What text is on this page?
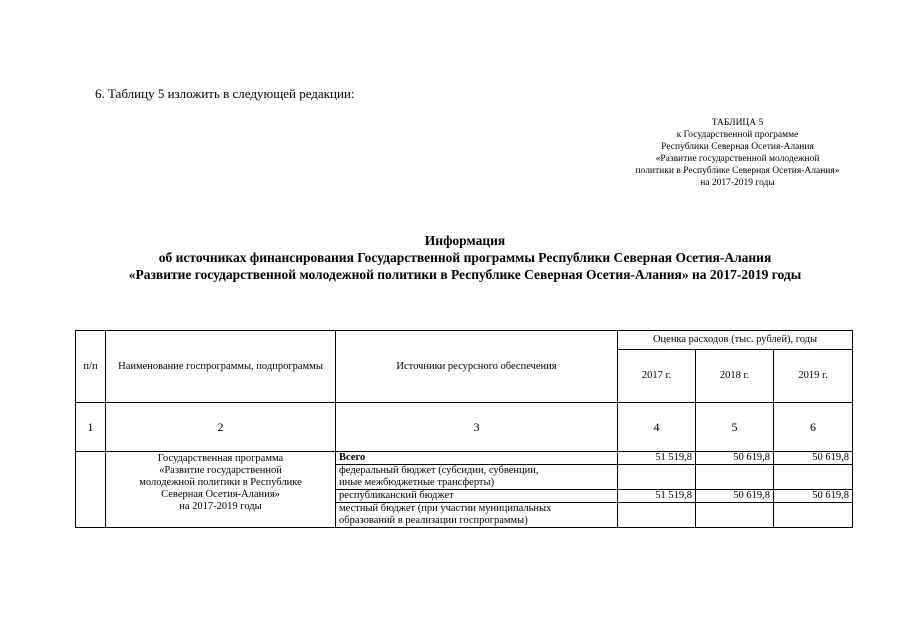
6. Таблицу 5 изложить в следующей редакции:
ТАБЛИЦА 5
к Государственной программе
Республики Северная Осетия-Алания
«Развитие государственной молодежной
политики в Республике Северная Осетия-Алания»
на 2017-2019 годы
Информация
об источниках финансирования Государственной программы Республики Северная Осетия-Алания
«Развитие государственной молодежной политики в Республике Северная Осетия-Алания» на 2017-2019 годы
п/п	Наименование госпрограммы, подпрограммы	Источники ресурсного обеспечения	Оценка расходов (тыс. рублей), годы		
			2017 г.	2018 г.	2019 г.
1	2	3	4	5	6

	Государственная программа
«Развитие государственной
молодежной политики в Республике
Северная Осетия-Алания»
на 2017-2019 годы	Всего	51 519,8	50 619,8	50 619,8

		федеральный бюджет (субсидии, субвенции,
иные межбюджетные трансферты)			

		республиканский бюджет	51 519,8	50 619,8	50 619,8

		местный бюджет (при участии муниципальных
образований в реализации госпрограммы)			
